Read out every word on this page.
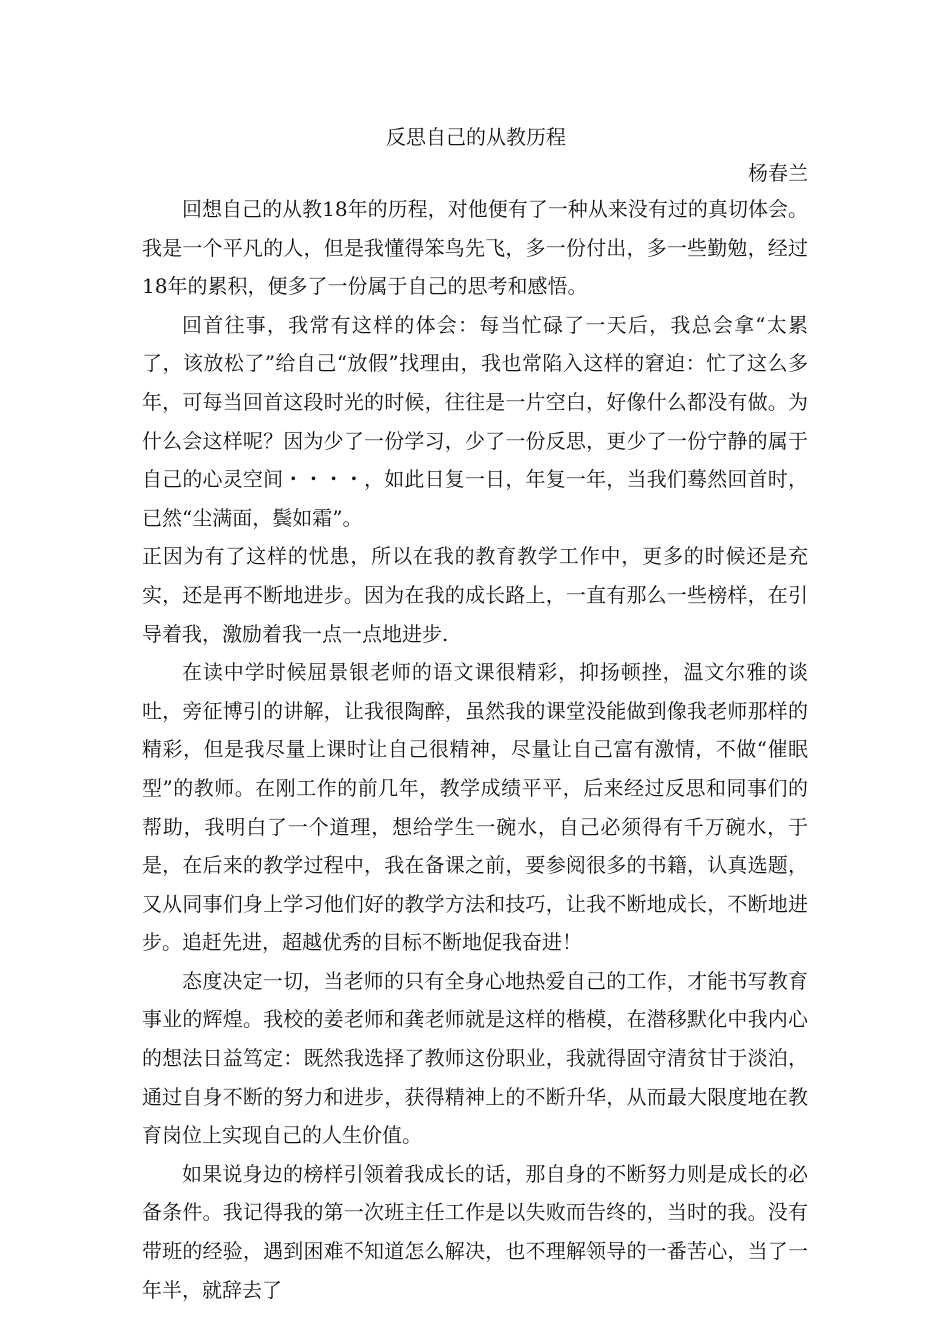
反思自己的从教历程

杨春兰

回想自己的从教18年的历程，对他便有了一种从来没有过的真切体会。我是一个平凡的人，但是我懂得笨鸟先飞，多一份付出，多一些勤勉，经过18年的累积，便多了一份属于自己的思考和感悟。

回首往事，我常有这样的体会：每当忙碌了一天后，我总会拿“太累了，该放松了”给自己“放假”找理由，我也常陷入这样的窘迫：忙了这么多年，可每当回首这段时光的时候，往往是一片空白，好像什么都没有做。为什么会这样呢？因为少了一份学习，少了一份反思，更少了一份宁静的属于自己的心灵空间・・・・，如此日复一日，年复一年，当我们蓦然回首时，已然“尘满面，鬓如霜”。

正因为有了这样的忧患，所以在我的教育教学工作中，更多的时候还是充实，还是再不断地进步。因为在我的成长路上，一直有那么一些榜样，在引导着我，激励着我一点一点地进步.

在读中学时候屈景银老师的语文课很精彩，抑扬顿挫，温文尔雅的谈吐，旁征博引的讲解，让我很陶醉，虽然我的课堂没能做到像我老师那样的精彩，但是我尽量上课时让自己很精神，尽量让自己富有激情，不做“催眠型”的教师。在刚工作的前几年，教学成绩平平，后来经过反思和同事们的帮助，我明白了一个道理，想给学生一碗水，自己必须得有千万碗水，于是，在后来的教学过程中，我在备课之前，要参阅很多的书籍，认真选题，又从同事们身上学习他们好的教学方法和技巧，让我不断地成长，不断地进步。追赶先进，超越优秀的目标不断地促我奋进！

态度决定一切，当老师的只有全身心地热爱自己的工作，才能书写教育事业的辉煌。我校的姜老师和龚老师就是这样的楷模，在潜移默化中我内心的想法日益笃定：既然我选择了教师这份职业，我就得固守清贫甘于淡泊，通过自身不断的努力和进步，获得精神上的不断升华，从而最大限度地在教育岗位上实现自己的人生价值。

如果说身边的榜样引领着我成长的话，那自身的不断努力则是成长的必备条件。我记得我的第一次班主任工作是以失败而告终的，当时的我。没有带班的经验，遇到困难不知道怎么解决，也不理解领导的一番苦心，当了一年半，就辞去了
